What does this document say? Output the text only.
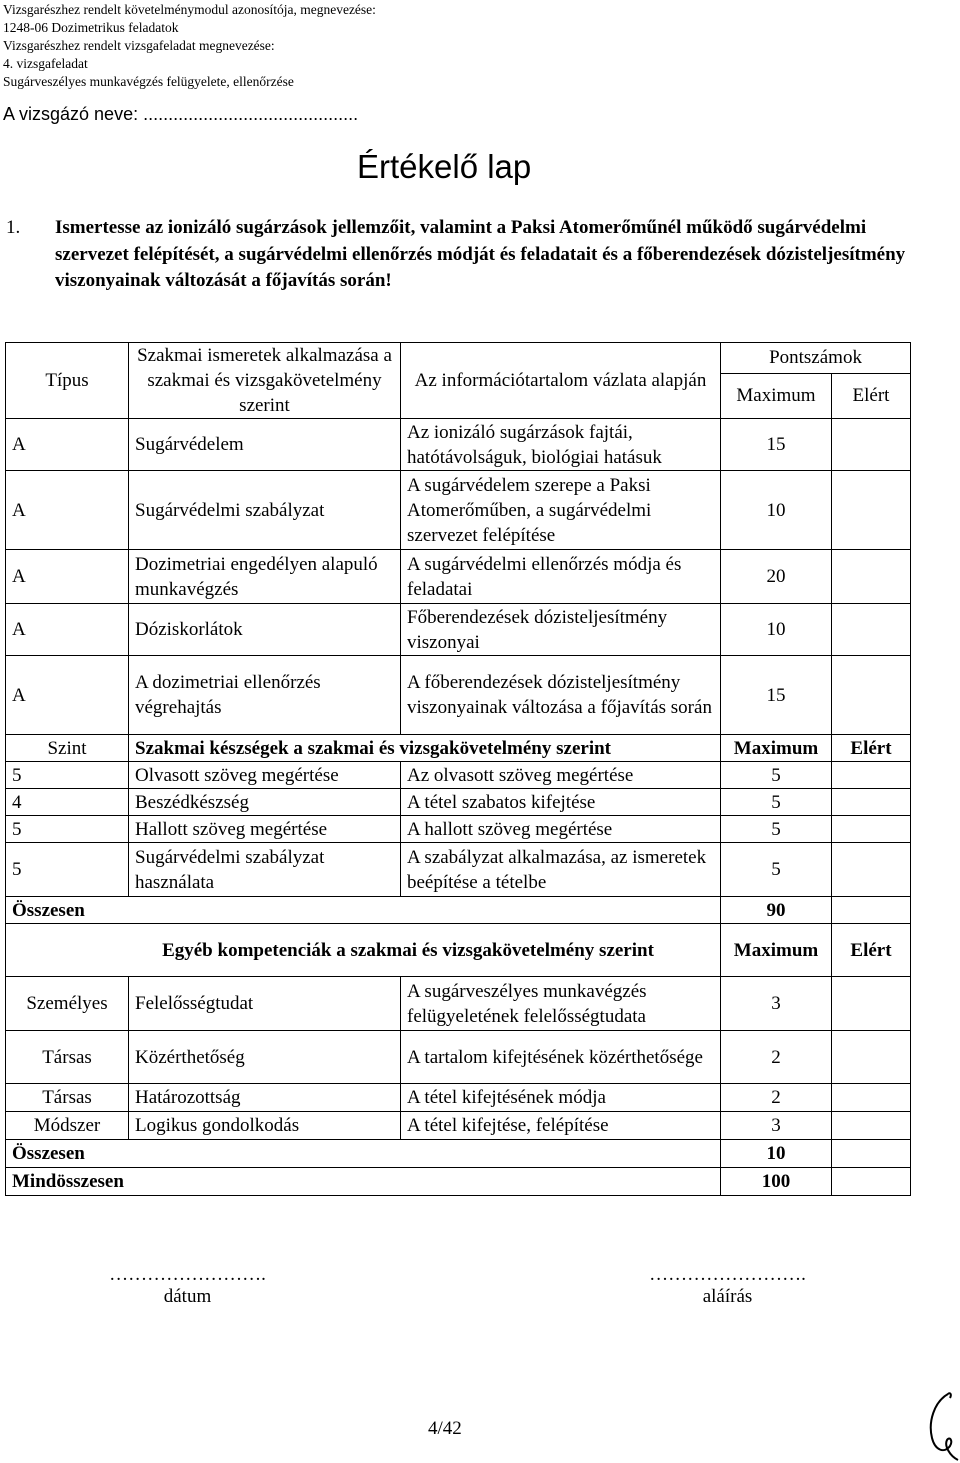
Vizsgarészhez rendelt követelménymodul azonosítója, megnevezése:
1248-06 Dozimetrikus feladatok
Vizsgarészhez rendelt vizsgafeladat megnevezése:
4. vizsgafeladat
Sugárveszélyes munkavégzés felügyelete, ellenőrzése
A vizsgázó neve: ...........................................
Értékelő lap
1. Ismertesse az ionizáló sugárzások jellemzőit, valamint a Paksi Atomerőműnél működő sugárvédelmi szervezet felépítését, a sugárvédelmi ellenőrzés módját és feladatait és a főberendezések dózisteljesítmény viszonyainak változását a főjavítás során!
Típus	Szakmai ismeretek alkalmazása a szakmai és vizsgakövetelmény szerint	Az információtartalom vázlata alapján	Pontszámok	
			Maximum	Elért
A	Sugárvédelem	Az ionizáló sugárzások fajtái, hatótávolságuk, biológiai hatásuk	15	
A	Sugárvédelmi szabályzat	A sugárvédelem szerepe a Paksi Atomerőműben, a sugárvédelmi szervezet felépítése	10	
A	Dozimetriai engedélyen alapuló munkavégzés	A sugárvédelmi ellenőrzés módja és feladatai	20	
A	Dóziskorlátok	Főberendezések dózisteljesítmény viszonyai	10	
A	A dozimetriai ellenőrzés végrehajtás	A főberendezések dózisteljesítmény viszonyainak változása a főjavítás során	15	
Szint	Szakmai készségek a szakmai és vizsgakövetelmény szerint		Maximum	Elért
5	Olvasott szöveg megértése	Az olvasott szöveg megértése	5	
4	Beszédkészség	A tétel szabatos kifejtése	5	
5	Hallott szöveg megértése	A hallott szöveg megértése	5	
5	Sugárvédelmi szabályzat használata	A szabályzat alkalmazása, az ismeretek beépítése a tételbe	5	
Összesen			90	
Egyéb kompetenciák a szakmai és vizsgakövetelmény szerint			Maximum	Elért
Személyes	Felelősségtudat	A sugárveszélyes munkavégzés felügyeletének felelősségtudata	3	
Társas	Közérthetőség	A tartalom kifejtésének közérthetősége	2	
Társas	Határozottság	A tétel kifejtésének módja	2	
Módszer	Logikus gondolkodás	A tétel kifejtése, felépítése	3	
Összesen			10	
Mindösszesen			100	
…………………….
dátum
…………………….
aláírás
4/42
